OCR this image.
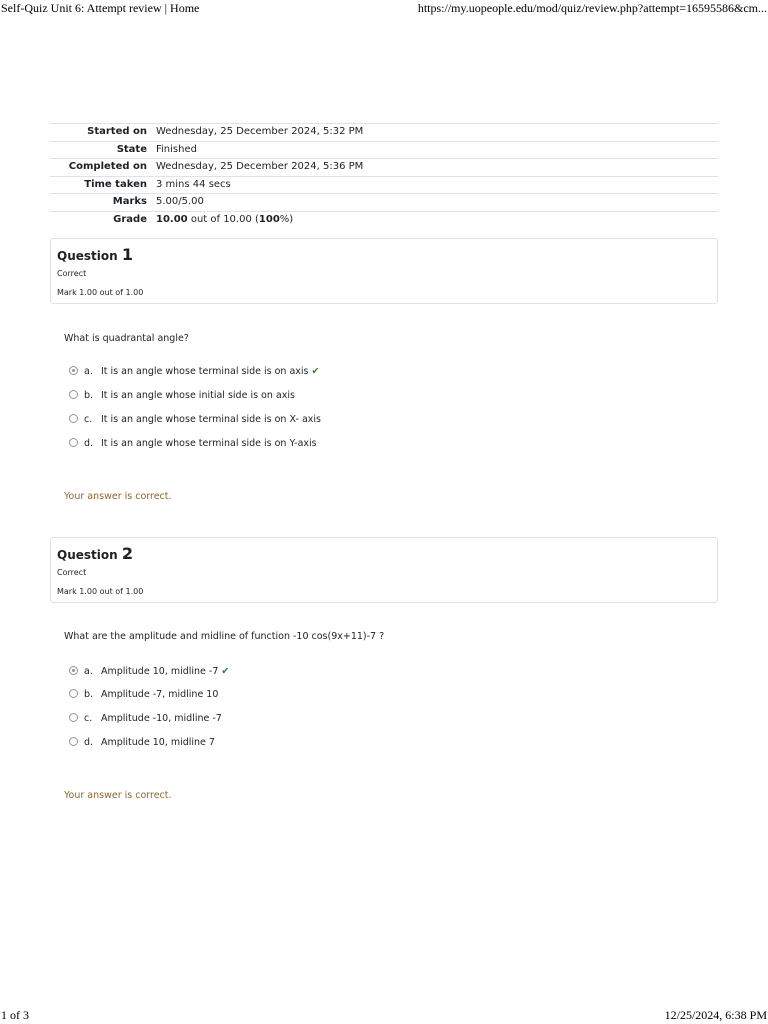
Self-Quiz Unit 6: Attempt review | Home	https://my.uopeople.edu/mod/quiz/review.php?attempt=16595586&cm...
Started on	Wednesday, 25 December 2024, 5:32 PM
State	Finished
Completed on	Wednesday, 25 December 2024, 5:36 PM
Time taken	3 mins 44 secs
Marks	5.00/5.00
Grade	10.00 out of 10.00 (100%)
Question 1
Correct
Mark 1.00 out of 1.00
What is quadrantal angle?
a. It is an angle whose terminal side is on axis ✔
b. It is an angle whose initial side is on axis
c. It is an angle whose terminal side is on X- axis
d. It is an angle whose terminal side is on Y-axis
Your answer is correct.
Question 2
Correct
Mark 1.00 out of 1.00
What are the amplitude and midline of function -10 cos(9x+11)-7 ?
a. Amplitude 10, midline -7 ✔
b. Amplitude -7, midline 10
c. Amplitude -10, midline -7
d. Amplitude 10, midline 7
Your answer is correct.
1 of 3	12/25/2024, 6:38 PM
